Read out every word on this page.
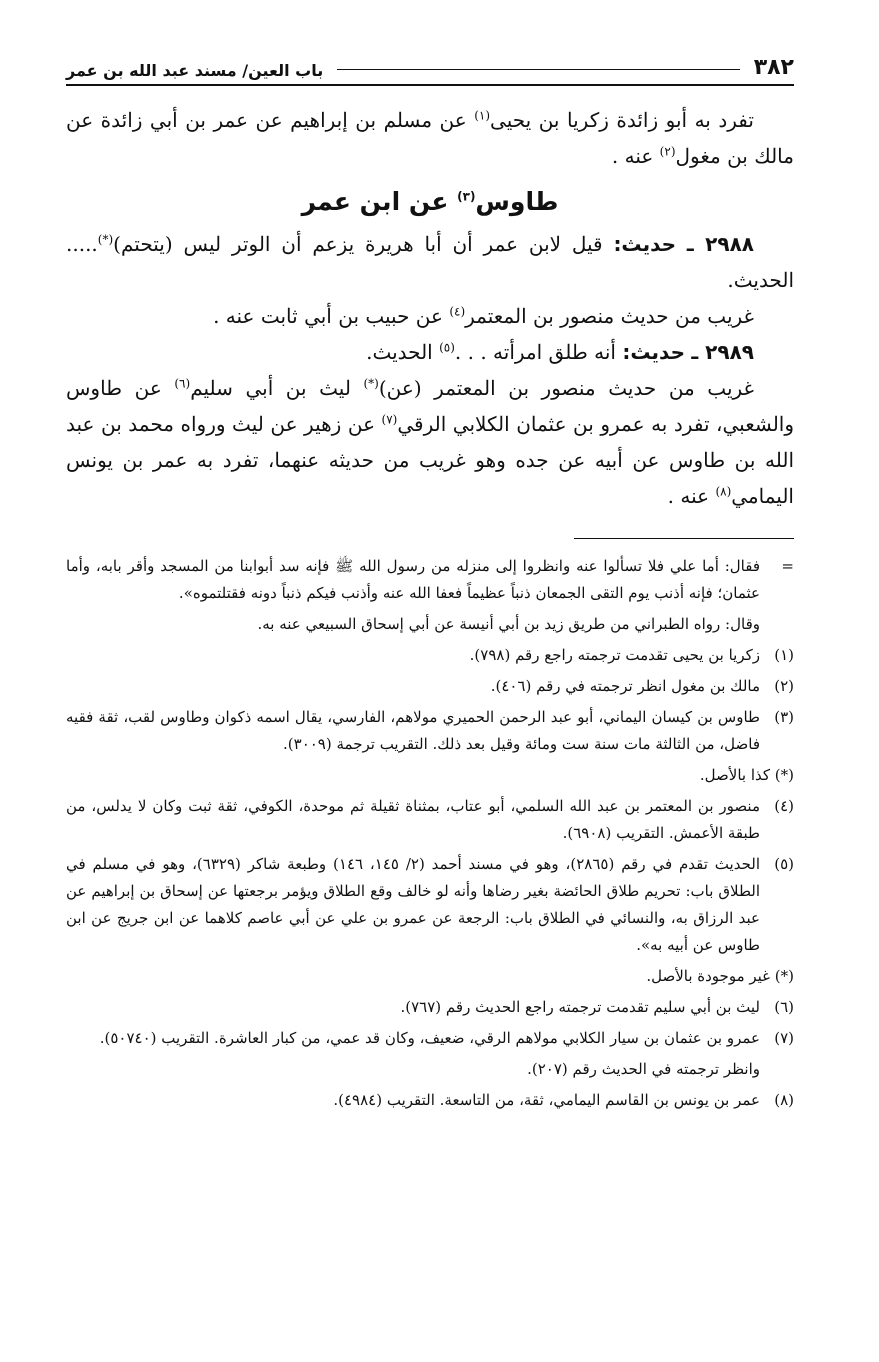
٣٨٢
باب العين/ مسند عبد الله بن عمر

تفرد به أبو زائدة زكريا بن يحيى$^{(١)}$ عن مسلم بن إبراهيم عن عمر بن أبي زائدة عن مالك بن مغول$^{(٢)}$ عنه .

طاوس$^{(٣)}$ عن ابن عمر

٢٩٨٨ ـ حديث: قيل لابن عمر أن أبا هريرة يزعم أن الوتر ليس (يتحتم)(*)..... الحديث.

غريب من حديث منصور بن المعتمر$^{(٤)}$ عن حبيب بن أبي ثابت عنه .

٢٩٨٩ ـ حديث: أنه طلق امرأته . . .$^{(٥)}$ الحديث.

غريب من حديث منصور بن المعتمر (عن)(*) ليث بن أبي سليم$^{(٦)}$ عن طاوس والشعبي، تفرد به عمرو بن عثمان الكلابي الرقي$^{(٧)}$ عن زهير عن ليث ورواه محمد بن عبد الله بن طاوس عن أبيه عن جده وهو غريب من حديثه عنهما، تفرد به عمر بن يونس اليمامي$^{(٨)}$ عنه .

=
فقال: أما علي فلا تسألوا عنه وانظروا إلى منزله من رسول الله ﷺ فإنه سد أبوابنا من المسجد وأقر بابه، وأما عثمان؛ فإنه أذنب يوم التقى الجمعان ذنباً عظيماً فعفا الله عنه وأذنب فيكم ذنباً دونه فقتلتموه».
وقال: رواه الطبراني من طريق زيد بن أبي أنيسة عن أبي إسحاق السبيعي عنه به.
(١)
زكريا بن يحيى تقدمت ترجمته راجع رقم (٧٩٨).
(٢)
مالك بن مغول انظر ترجمته في رقم (٤٠٦).
(٣)
طاوس بن كيسان اليماني، أبو عبد الرحمن الحميري مولاهم، الفارسي، يقال اسمه ذكوان وطاوس لقب، ثقة فقيه فاضل، من الثالثة مات سنة ست ومائة وقيل بعد ذلك. التقريب ترجمة (٣٠٠٩).
(*) كذا بالأصل.
(٤)
منصور بن المعتمر بن عبد الله السلمي، أبو عتاب، بمثناة ثقيلة ثم موحدة، الكوفي، ثقة ثبت وكان لا يدلس، من طبقة الأعمش. التقريب (٦٩٠٨).
(٥)
الحديث تقدم في رقم (٢٨٦٥)، وهو في مسند أحمد (٢/ ١٤٥، ١٤٦) وطبعة شاكر (٦٣٢٩)، وهو في مسلم في الطلاق باب: تحريم طلاق الحائضة بغير رضاها وأنه لو خالف وقع الطلاق ويؤمر برجعتها عن إسحاق بن إبراهيم عن عبد الرزاق به، والنسائي في الطلاق باب: الرجعة عن عمرو بن علي عن أبي عاصم كلاهما عن ابن جريج عن ابن طاوس عن أبيه به».
(*) غير موجودة بالأصل.
(٦)
ليث بن أبي سليم تقدمت ترجمته راجع الحديث رقم (٧٦٧).
(٧)
عمرو بن عثمان بن سيار الكلابي مولاهم الرقي، ضعيف، وكان قد عمي، من كبار العاشرة. التقريب (٥٠٧٤٠).
وانظر ترجمته في الحديث رقم (٢٠٧).
(٨)
عمر بن يونس بن القاسم اليمامي، ثقة، من التاسعة. التقريب (٤٩٨٤).
